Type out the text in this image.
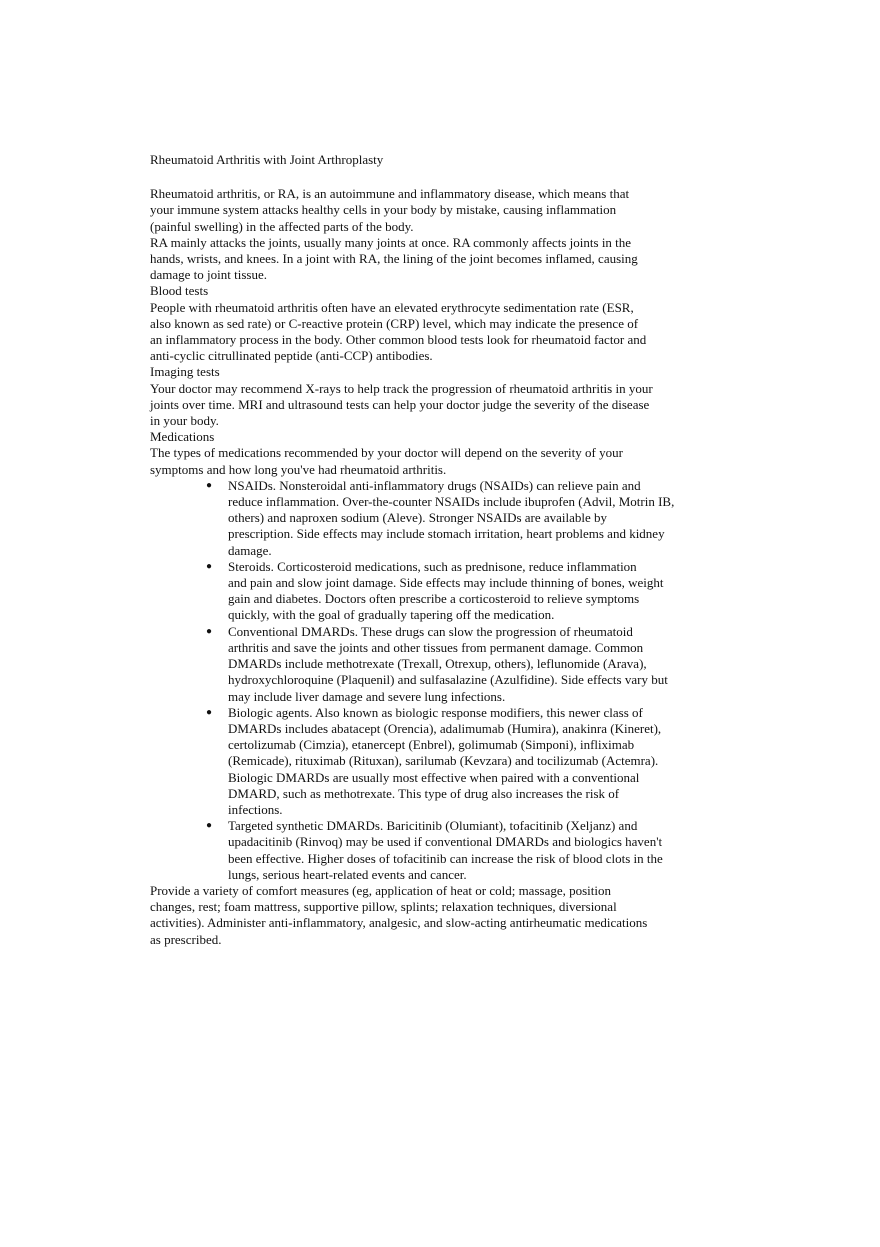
Rheumatoid Arthritis with Joint Arthroplasty
Rheumatoid arthritis, or RA, is an autoimmune and inflammatory disease, which means that
your immune system attacks healthy cells in your body by mistake, causing inflammation
(painful swelling) in the affected parts of the body.
RA mainly attacks the joints, usually many joints at once. RA commonly affects joints in the
hands, wrists, and knees. In a joint with RA, the lining of the joint becomes inflamed, causing
damage to joint tissue.
Blood tests
People with rheumatoid arthritis often have an elevated erythrocyte sedimentation rate (ESR,
also known as sed rate) or C-reactive protein (CRP) level, which may indicate the presence of
an inflammatory process in the body. Other common blood tests look for rheumatoid factor and
anti-cyclic citrullinated peptide (anti-CCP) antibodies.
Imaging tests
Your doctor may recommend X-rays to help track the progression of rheumatoid arthritis in your
joints over time. MRI and ultrasound tests can help your doctor judge the severity of the disease
in your body.
Medications
The types of medications recommended by your doctor will depend on the severity of your
symptoms and how long you've had rheumatoid arthritis.
● NSAIDs. Nonsteroidal anti-inflammatory drugs (NSAIDs) can relieve pain and
reduce inflammation. Over-the-counter NSAIDs include ibuprofen (Advil, Motrin IB,
others) and naproxen sodium (Aleve). Stronger NSAIDs are available by
prescription. Side effects may include stomach irritation, heart problems and kidney
damage.
● Steroids. Corticosteroid medications, such as prednisone, reduce inflammation
and pain and slow joint damage. Side effects may include thinning of bones, weight
gain and diabetes. Doctors often prescribe a corticosteroid to relieve symptoms
quickly, with the goal of gradually tapering off the medication.
● Conventional DMARDs. These drugs can slow the progression of rheumatoid
arthritis and save the joints and other tissues from permanent damage. Common
DMARDs include methotrexate (Trexall, Otrexup, others), leflunomide (Arava),
hydroxychloroquine (Plaquenil) and sulfasalazine (Azulfidine). Side effects vary but
may include liver damage and severe lung infections.
● Biologic agents. Also known as biologic response modifiers, this newer class of
DMARDs includes abatacept (Orencia), adalimumab (Humira), anakinra (Kineret),
certolizumab (Cimzia), etanercept (Enbrel), golimumab (Simponi), infliximab
(Remicade), rituximab (Rituxan), sarilumab (Kevzara) and tocilizumab (Actemra).
Biologic DMARDs are usually most effective when paired with a conventional
DMARD, such as methotrexate. This type of drug also increases the risk of
infections.
● Targeted synthetic DMARDs. Baricitinib (Olumiant), tofacitinib (Xeljanz) and
upadacitinib (Rinvoq) may be used if conventional DMARDs and biologics haven't
been effective. Higher doses of tofacitinib can increase the risk of blood clots in the
lungs, serious heart-related events and cancer.
Provide a variety of comfort measures (eg, application of heat or cold; massage, position
changes, rest; foam mattress, supportive pillow, splints; relaxation techniques, diversional
activities). Administer anti-inflammatory, analgesic, and slow-acting antirheumatic medications
as prescribed.
